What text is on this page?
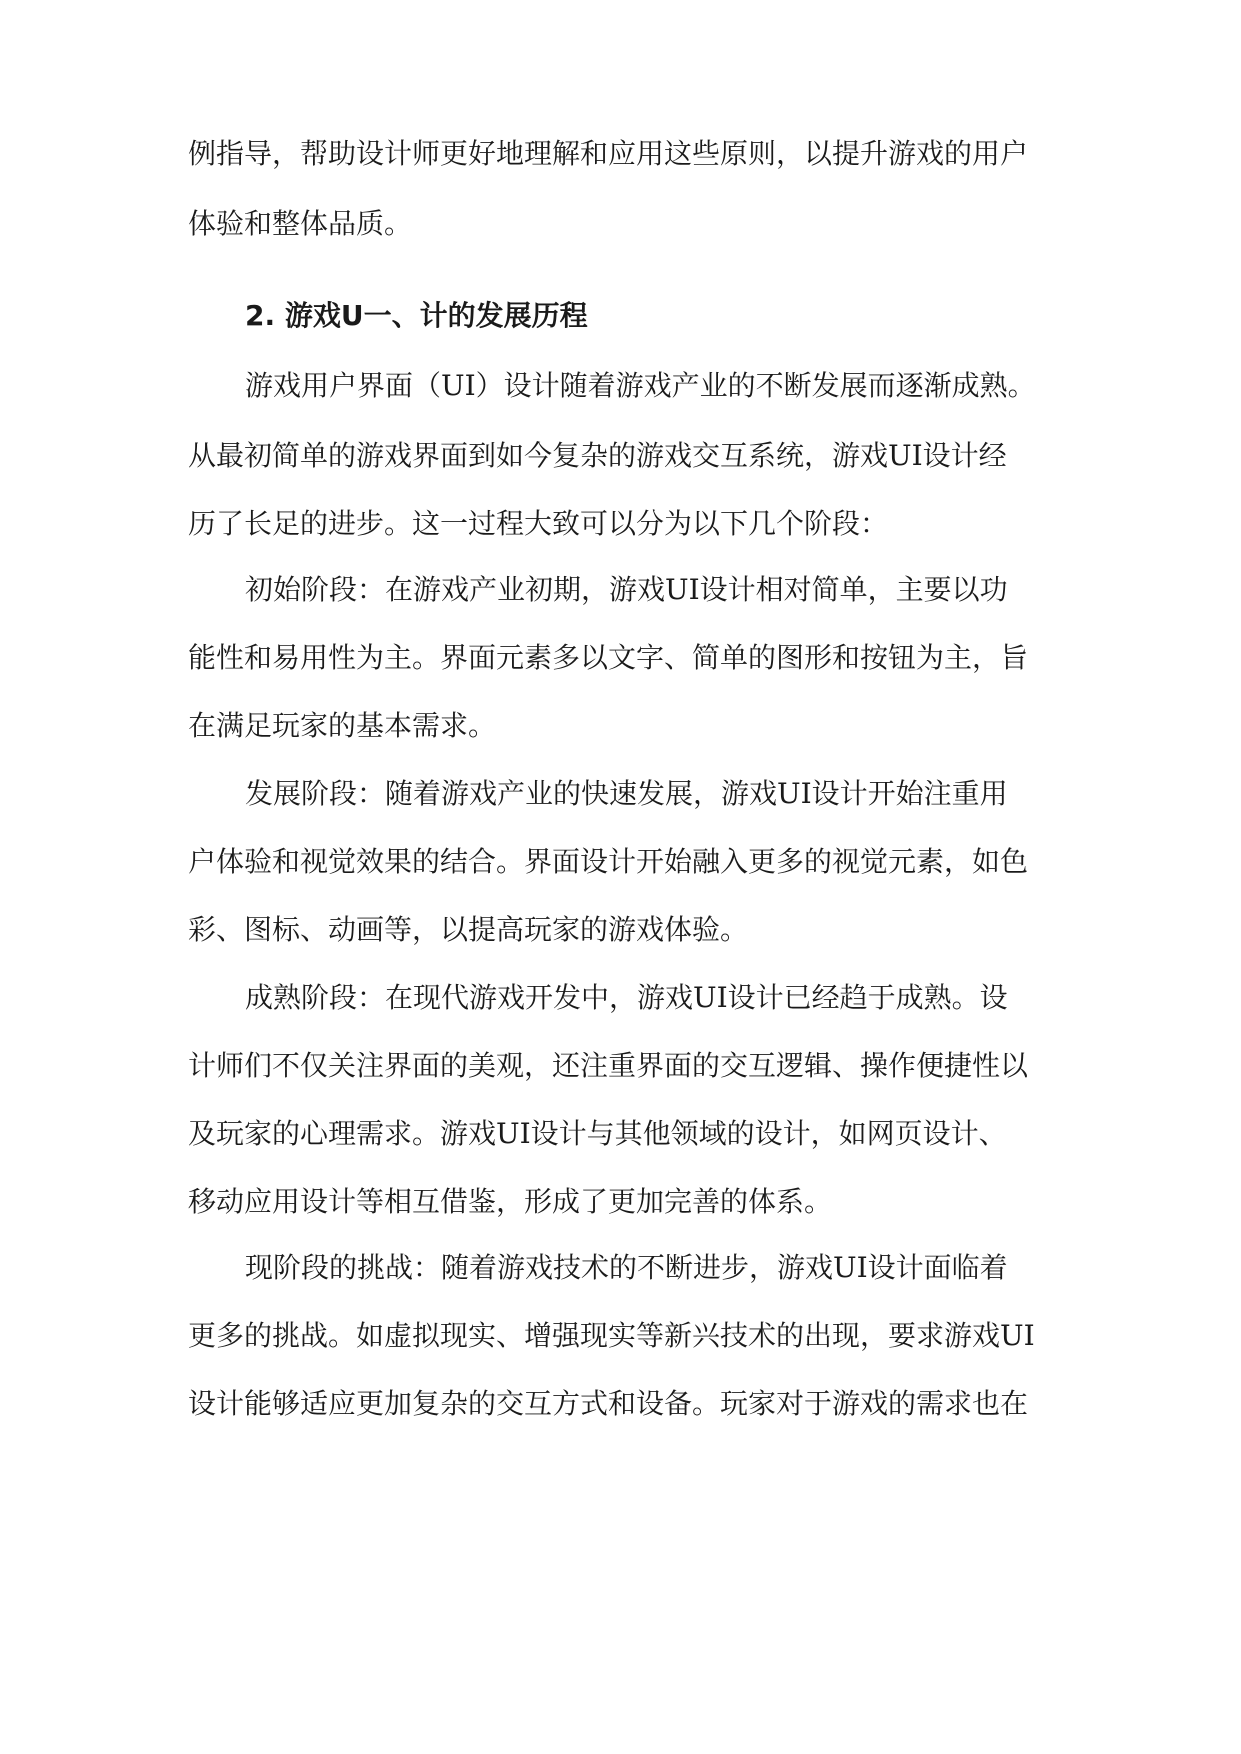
例指导，帮助设计师更好地理解和应用这些原则，以提升游戏的用户
体验和整体品质。
2. 游戏U一、计的发展历程
游戏用户界面（UI）设计随着游戏产业的不断发展而逐渐成熟。
从最初简单的游戏界面到如今复杂的游戏交互系统，游戏UI设计经
历了长足的进步。这一过程大致可以分为以下几个阶段：
初始阶段：在游戏产业初期，游戏UI设计相对简单，主要以功
能性和易用性为主。界面元素多以文字、简单的图形和按钮为主，旨
在满足玩家的基本需求。
发展阶段：随着游戏产业的快速发展，游戏UI设计开始注重用
户体验和视觉效果的结合。界面设计开始融入更多的视觉元素，如色
彩、图标、动画等，以提高玩家的游戏体验。
成熟阶段：在现代游戏开发中，游戏UI设计已经趋于成熟。设
计师们不仅关注界面的美观，还注重界面的交互逻辑、操作便捷性以
及玩家的心理需求。游戏UI设计与其他领域的设计，如网页设计、
移动应用设计等相互借鉴，形成了更加完善的体系。
现阶段的挑战：随着游戏技术的不断进步，游戏UI设计面临着
更多的挑战。如虚拟现实、增强现实等新兴技术的出现，要求游戏UI
设计能够适应更加复杂的交互方式和设备。玩家对于游戏的需求也在
